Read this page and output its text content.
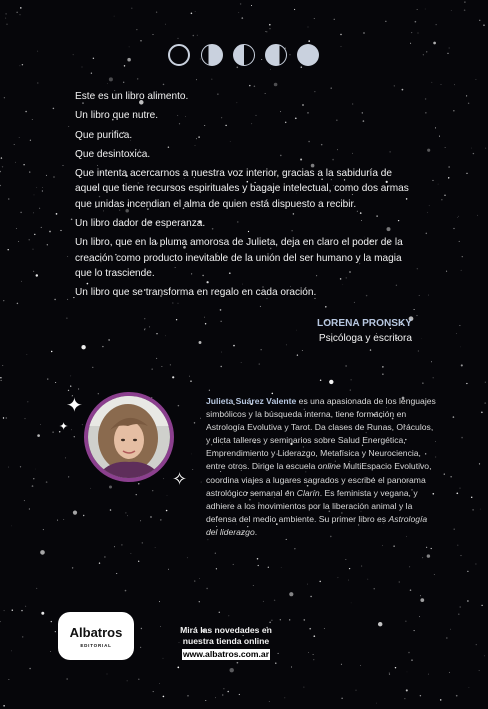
Este es un libro alimento.

Un libro que nutre.

Que purifica.

Que desintoxica.

Que intenta acercarnos a nuestra voz interior, gracias a la sabiduría de aquel que tiene recursos espirituales y bagaje intelectual, como dos armas que unidas incendian el alma de quien está dispuesto a recibir.

Un libro dador de esperanza.

Un libro, que en la pluma amorosa de Julieta, deja en claro el poder de la creación como producto inevitable de la unión del ser humano y la magia que lo trasciende.

Un libro que se transforma en regalo en cada oración.

LORENA PRONSKY
Psicóloga y escritora
✦
✦
✧
Julieta Suárez Valente es una apasionada de los lenguajes simbólicos y la búsqueda interna, tiene formación en Astrología Evolutiva y Tarot. Da clases de Runas, Oráculos, y dicta talleres y seminarios sobre Salud Energética, Emprendimiento y Liderazgo, Metafísica y Neurociencia, entre otros. Dirige la escuela online MultiEspacio Evolutivo, coordina viajes a lugares sagrados y escribe el panorama astrológico semanal en Clarín. Es feminista y vegana, y adhiere a los movimientos por la liberación animal y la defensa del medio ambiente. Su primer libro es Astrología del liderazgo.
Albatros
EDITORIAL
Mirá las novedades en
nuestra tienda online
www.albatros.com.ar
